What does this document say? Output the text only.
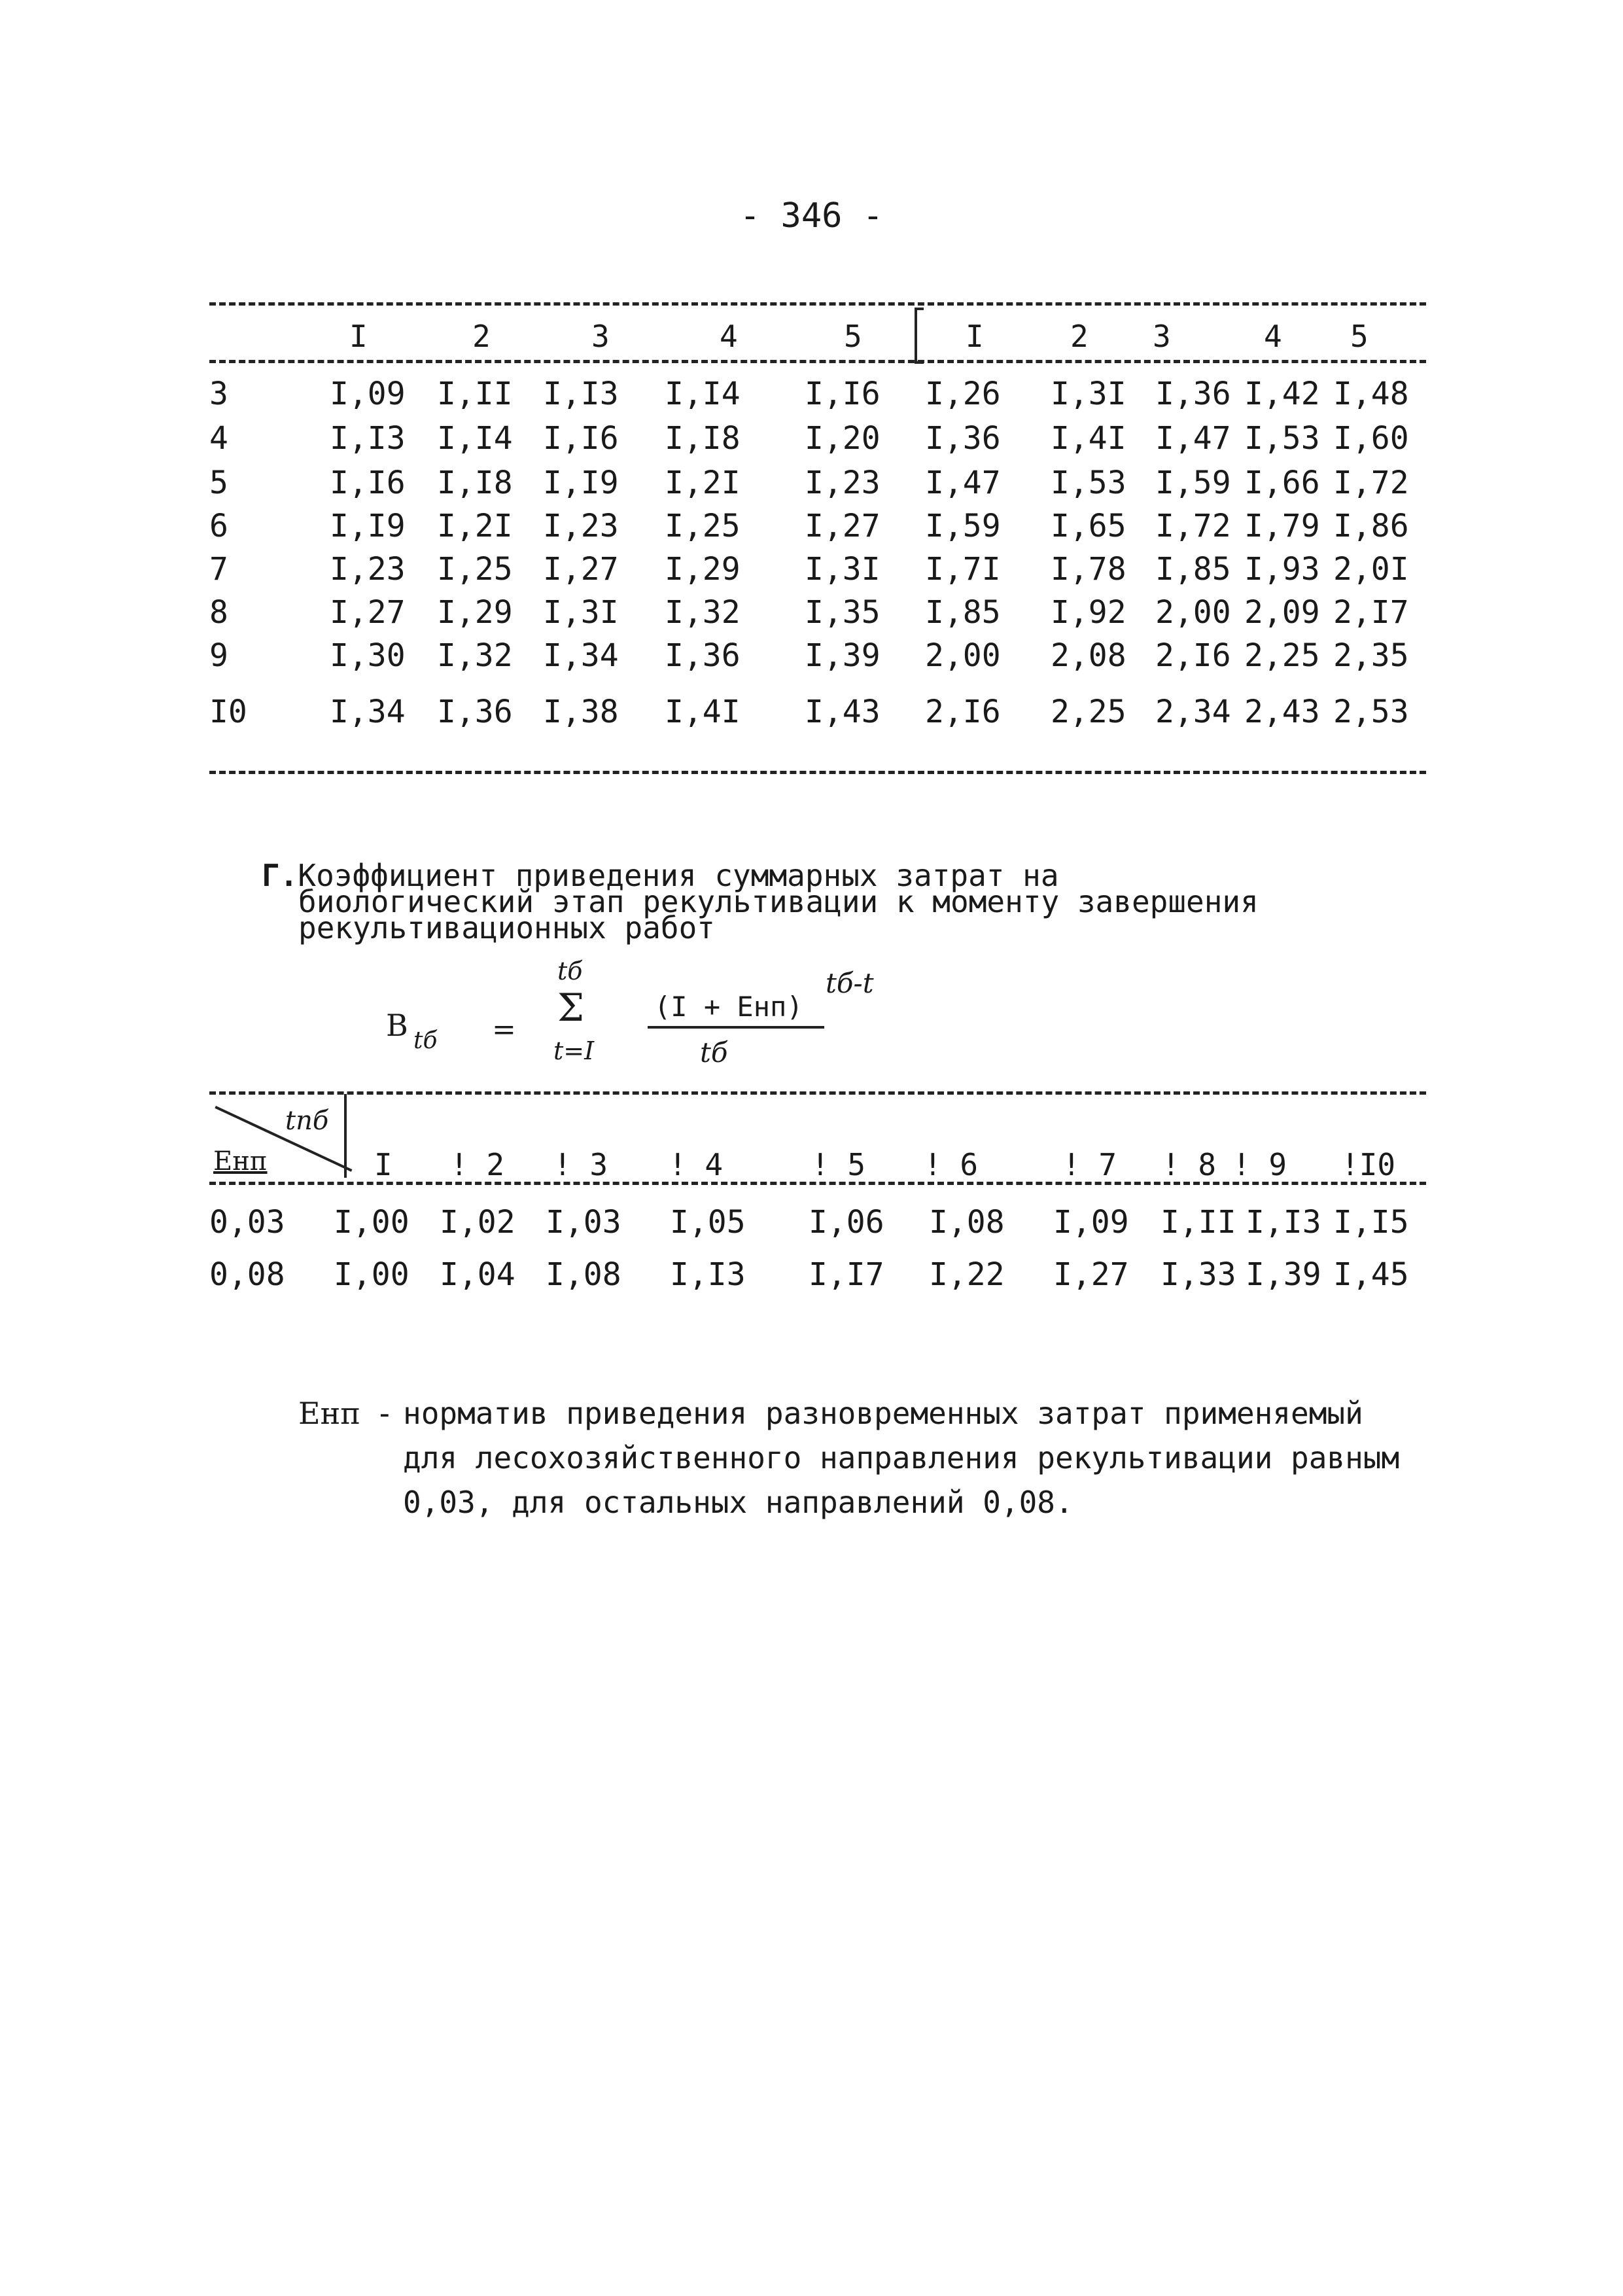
- 346 -
I	2	3	4	5	I	2 3	4 5
3	I,09 I,II I,I3 I,I4 I,I6 I,26 I,3I I,36 I,42 I,48
4	I,I3 I,I4 I,I6 I,I8 I,20 I,36 I,4I I,47 I,53 I,60
5	I,I6 I,I8 I,I9 I,2I I,23 I,47 I,53 I,59 I,66 I,72
6	I,I9 I,2I I,23 I,25 I,27 I,59 I,65 I,72 I,79 I,86
7	I,23 I,25 I,27 I,29 I,3I I,7I I,78 I,85 I,93 2,0I
8	I,27 I,29 I,3I I,32 I,35 I,85 I,92 2,00 2,09 2,I7
9	I,30 I,32 I,34 I,36 I,39 2,00 2,08 2,I6 2,25 2,35
I0	I,34 I,36 I,38 I,4I I,43 2,I6 2,25 2,34 2,43 2,53
Г.Коэффициент приведения суммарных затрат на
биологический этап рекультивации к моменту завершения
рекультивационных работ
B tб =
tб
Σ
t=I
(I + Eнп)
tб-t
tб
tпб
Eнп	I ! 2 ! 3 ! 4	! 5 ! 6	! 7 ! 8 ! 9 !I0
0,03 I,00 I,02 I,03 I,05 I,06 I,08 I,09 I,II I,I3 I,I5
0,08 I,00 I,04 I,08 I,I3 I,I7 I,22 I,27 I,33 I,39 I,45
Eнп - норматив приведения разновременных затрат применяемый
для лесохозяйственного направления рекультивации равным
0,03, для остальных направлений 0,08.
